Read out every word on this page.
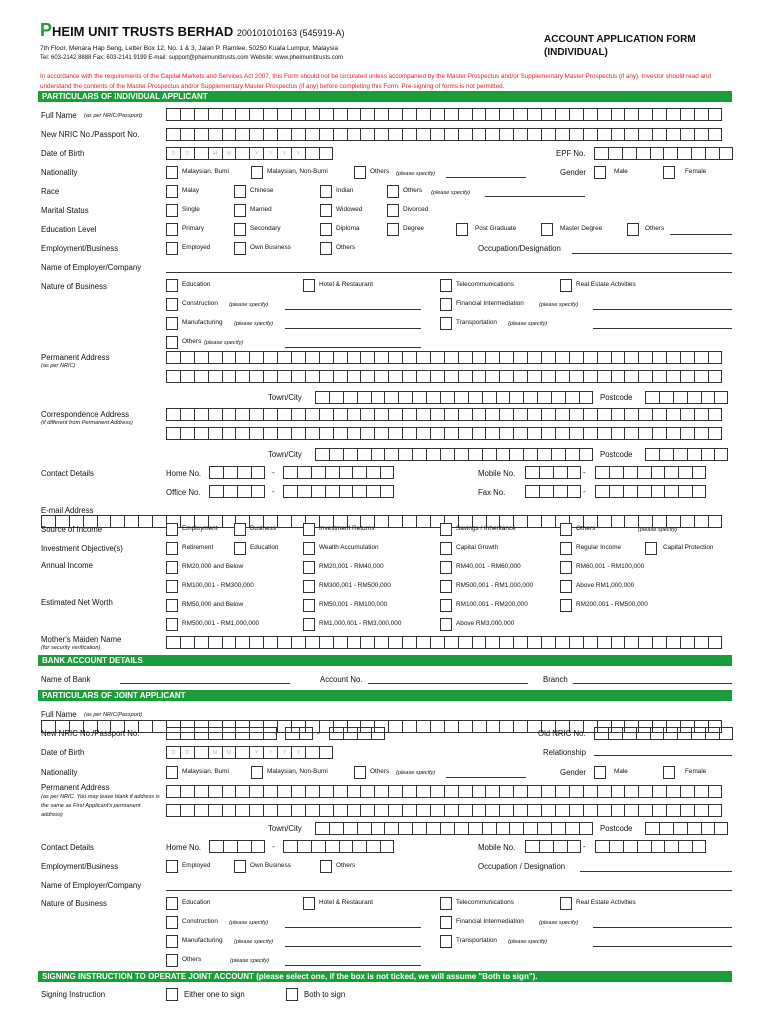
PHEIM UNIT TRUSTS BERHAD 200101010163 (545919-A)
7th Floor, Menara Hap Seng, Letter Box 12, No. 1 & 3, Jalan P. Ramlee, 50250 Kuala Lumpur, Malaysia
Tel: 603-2142 8888 Fax: 603-2141 9199 E-mail: support@pheimunittrusts.com Website: www.pheimunittrusts.com
ACCOUNT APPLICATION FORM
(INDIVIDUAL)
In accordance with the requirements of the Capital Markets and Services Act 2007, this Form should not be circulated unless accompanied by the Master Prospectus and/or Supplementary Master Prospectus (if any). Investor should read and understand the contents of the Master Prospectus and/or Supplementary Master Prospectus (if any) before completing this Form. Pre-signing of forms is not permitted.
PARTICULARS OF INDIVIDUAL APPLICANT
Full Name (as per NRIC/Passport)
New NRIC No./Passport No.
Date of Birth	D	D	M	M	Y	Y	Y	Y	EPF No.
Nationality	Malaysian, Bumi	Malaysian, Non-Bumi	Others (please specify)	Gender	Male	Female
Race	Malay	Chinese	Indian	Others (please specify)
Marital Status	Single	Married	Widowed	Divorced
Education Level	Primary	Secondary	Diploma	Degree	Post Graduate	Master Degree	Others
Employment/Business	Employed	Own Business	Others	Occupation/Designation
Name of Employer/Company
Nature of Business	Education	Hotel & Restaurant	Telecommunications	Real Estate Activities
Construction (please specify)	Financial Intermediation	(please specify)
Manufacturing (please specify)	Transportation (please specify)
Others (please specify)
Permanent Address
(as per NRIC)
Town/City	Postcode
Correspondence Address
(if different from Permanent Address)
Town/City	Postcode
Contact Details	Home No.	-	Mobile No.	-
Office No.	-	Fax No.	-
E-mail Address
Source of Income	Employment	Business	Investment Returns	Savings / Inheritance	Others	(please specify)
Investment Objective(s)	Retirement	Education	Wealth Accumulation	Capital Growth	Regular Income	Capital Protection
Annual Income	RM20,000 and Below	RM20,001 - RM40,000	RM40,001 - RM60,000	RM60,001 - RM100,000
RM100,001 - RM300,000	RM300,001 - RM500,000	RM500,001 - RM1,000,000	Above RM1,000,000
Estimated Net Worth	RM50,000 and Below	RM50,001 - RM100,000	RM100,001 - RM200,000	RM200,001 - RM500,000
RM500,001 - RM1,000,000	RM1,000,001 - RM3,000,000	Above RM3,000,000
Mother's Maiden Name
(for security verification)
BANK ACCOUNT DETAILS
Name of Bank	Account No.	Branch
PARTICULARS OF JOINT APPLICANT
Full Name (as per NRIC/Passport)
New NRIC No./Passport No.	-	-	Old NRIC No.
Date of Birth	D	D	M	M	Y	Y	Y	Y	Relationship
Nationality	Malaysian, Bumi	Malaysian, Non-Bumi	Others (please specify)	Gender	Male	Female
Permanent Address
(as per NRIC. You may leave blank if address is the same as First Applicant's permanent address)
Town/City	Postcode
Contact Details	Home No.	-	Mobile No.	-
Employment/Business	Employed	Own Business	Others	Occupation / Designation
Name of Employer/Company
Nature of Business	Education	Hotel & Restaurant	Telecommunications	Real Estate Activities
Construction (please specify)	Financial Intermediation	(please specify)
Manufacturing (please specify)	Transportation (please specify)
Others	(please specify)
SIGNING INSTRUCTION TO OPERATE JOINT ACCOUNT (please select one, if the box is not ticked, we will assume "Both to sign").
Signing Instruction	Either one to sign	Both to sign
